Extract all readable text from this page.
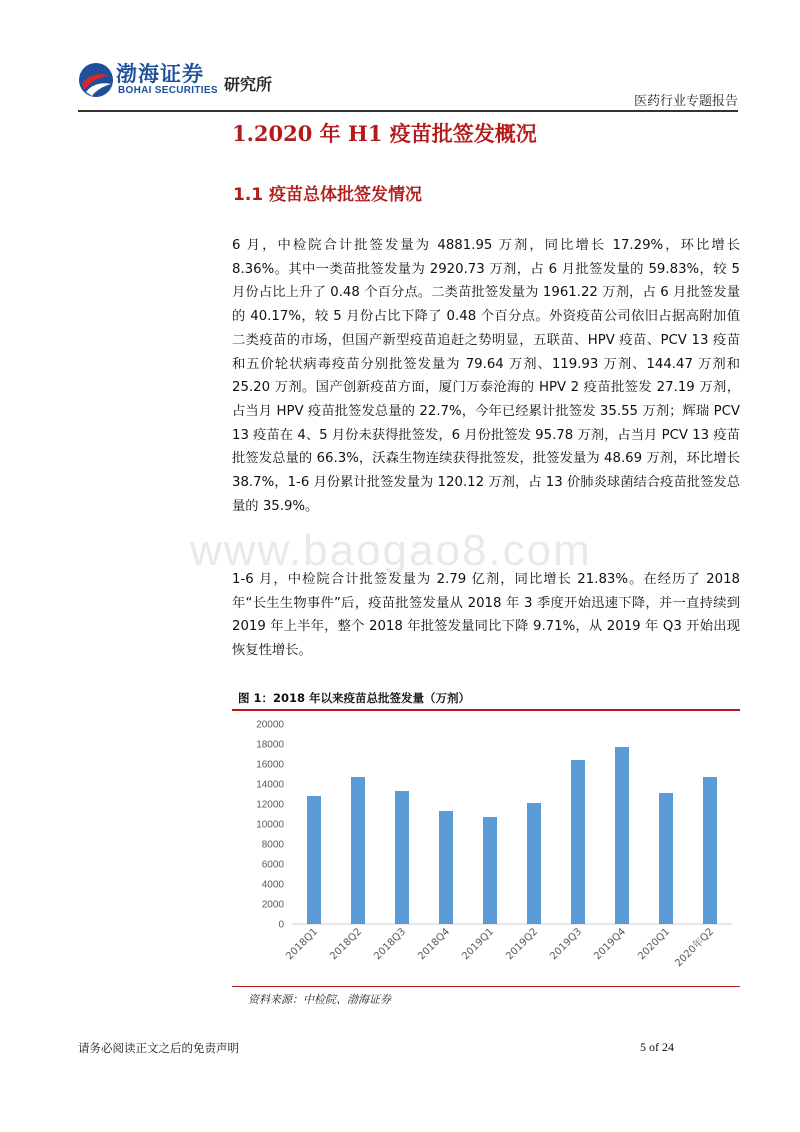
渤海证券
BOHAI SECURITIES 研究所
医药行业专题报告
1.2020 年 H1 疫苗批签发概况
1.1 疫苗总体批签发情况
6 月，中检院合计批签发量为 4881.95 万剂，同比增长 17.29%，环比增长 8.36%。其中一类苗批签发量为 2920.73 万剂，占 6 月批签发量的 59.83%，较 5 月份占比上升了 0.48 个百分点。二类苗批签发量为 1961.22 万剂，占 6 月批签发量的 40.17%，较 5 月份占比下降了 0.48 个百分点。外资疫苗公司依旧占据高附加值二类疫苗的市场，但国产新型疫苗追赶之势明显，五联苗、HPV 疫苗、PCV 13 疫苗和五价轮状病毒疫苗分别批签发量为 79.64 万剂、119.93 万剂、144.47 万剂和 25.20 万剂。国产创新疫苗方面，厦门万泰沧海的 HPV 2 疫苗批签发 27.19 万剂，占当月 HPV 疫苗批签发总量的 22.7%，今年已经累计批签发 35.55 万剂；辉瑞 PCV 13 疫苗在 4、5 月份未获得批签发，6 月份批签发 95.78 万剂，占当月 PCV 13 疫苗批签发总量的 66.3%，沃森生物连续获得批签发，批签发量为 48.69 万剂，环比增长 38.7%，1-6 月份累计批签发量为 120.12 万剂，占 13 价肺炎球菌结合疫苗批签发总量的 35.9%。
www.baogao8.com
1-6 月，中检院合计批签发量为 2.79 亿剂，同比增长 21.83%。在经历了 2018 年“长生生物事件”后，疫苗批签发量从 2018 年 3 季度开始迅速下降，并一直持续到 2019 年上半年，整个 2018 年批签发量同比下降 9.71%，从 2019 年 Q3 开始出现恢复性增长。
图 1：2018 年以来疫苗总批签发量（万剂）
0
2000
4000
6000
8000
10000
12000
14000
16000
18000
20000
2018Q1 2018Q2 2018Q3 2018Q4 2019Q1 2019Q2 2019Q3 2019Q4 2020Q1 2020年Q2
资料来源：中检院、渤海证券
请务必阅读正文之后的免责声明	5 of 24
